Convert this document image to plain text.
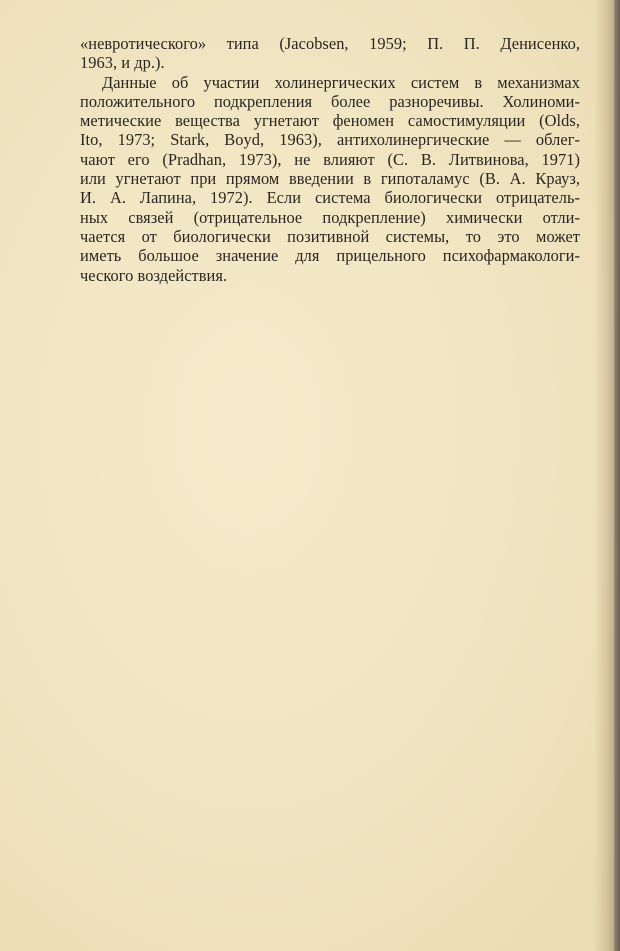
«невротического» типа (Jacobsen, 1959; П. П. Денисенко,
1963, и др.).
Данные об участии холинергических систем в механизмах
положительного подкрепления более разноречивы. Холиноми-
метические вещества угнетают феномен самостимуляции (Olds,
Ito, 1973; Stark, Boyd, 1963), антихолинергические — облег-
чают его (Pradhan, 1973), не влияют (С. В. Литвинова, 1971)
или угнетают при прямом введении в гипоталамус (В. А. Крауз,
И. А. Лапина, 1972). Если система биологически отрицатель-
ных связей (отрицательное подкрепление) химически отли-
чается от биологически позитивной системы, то это может
иметь большое значение для прицельного психофармакологи-
ческого воздействия.
